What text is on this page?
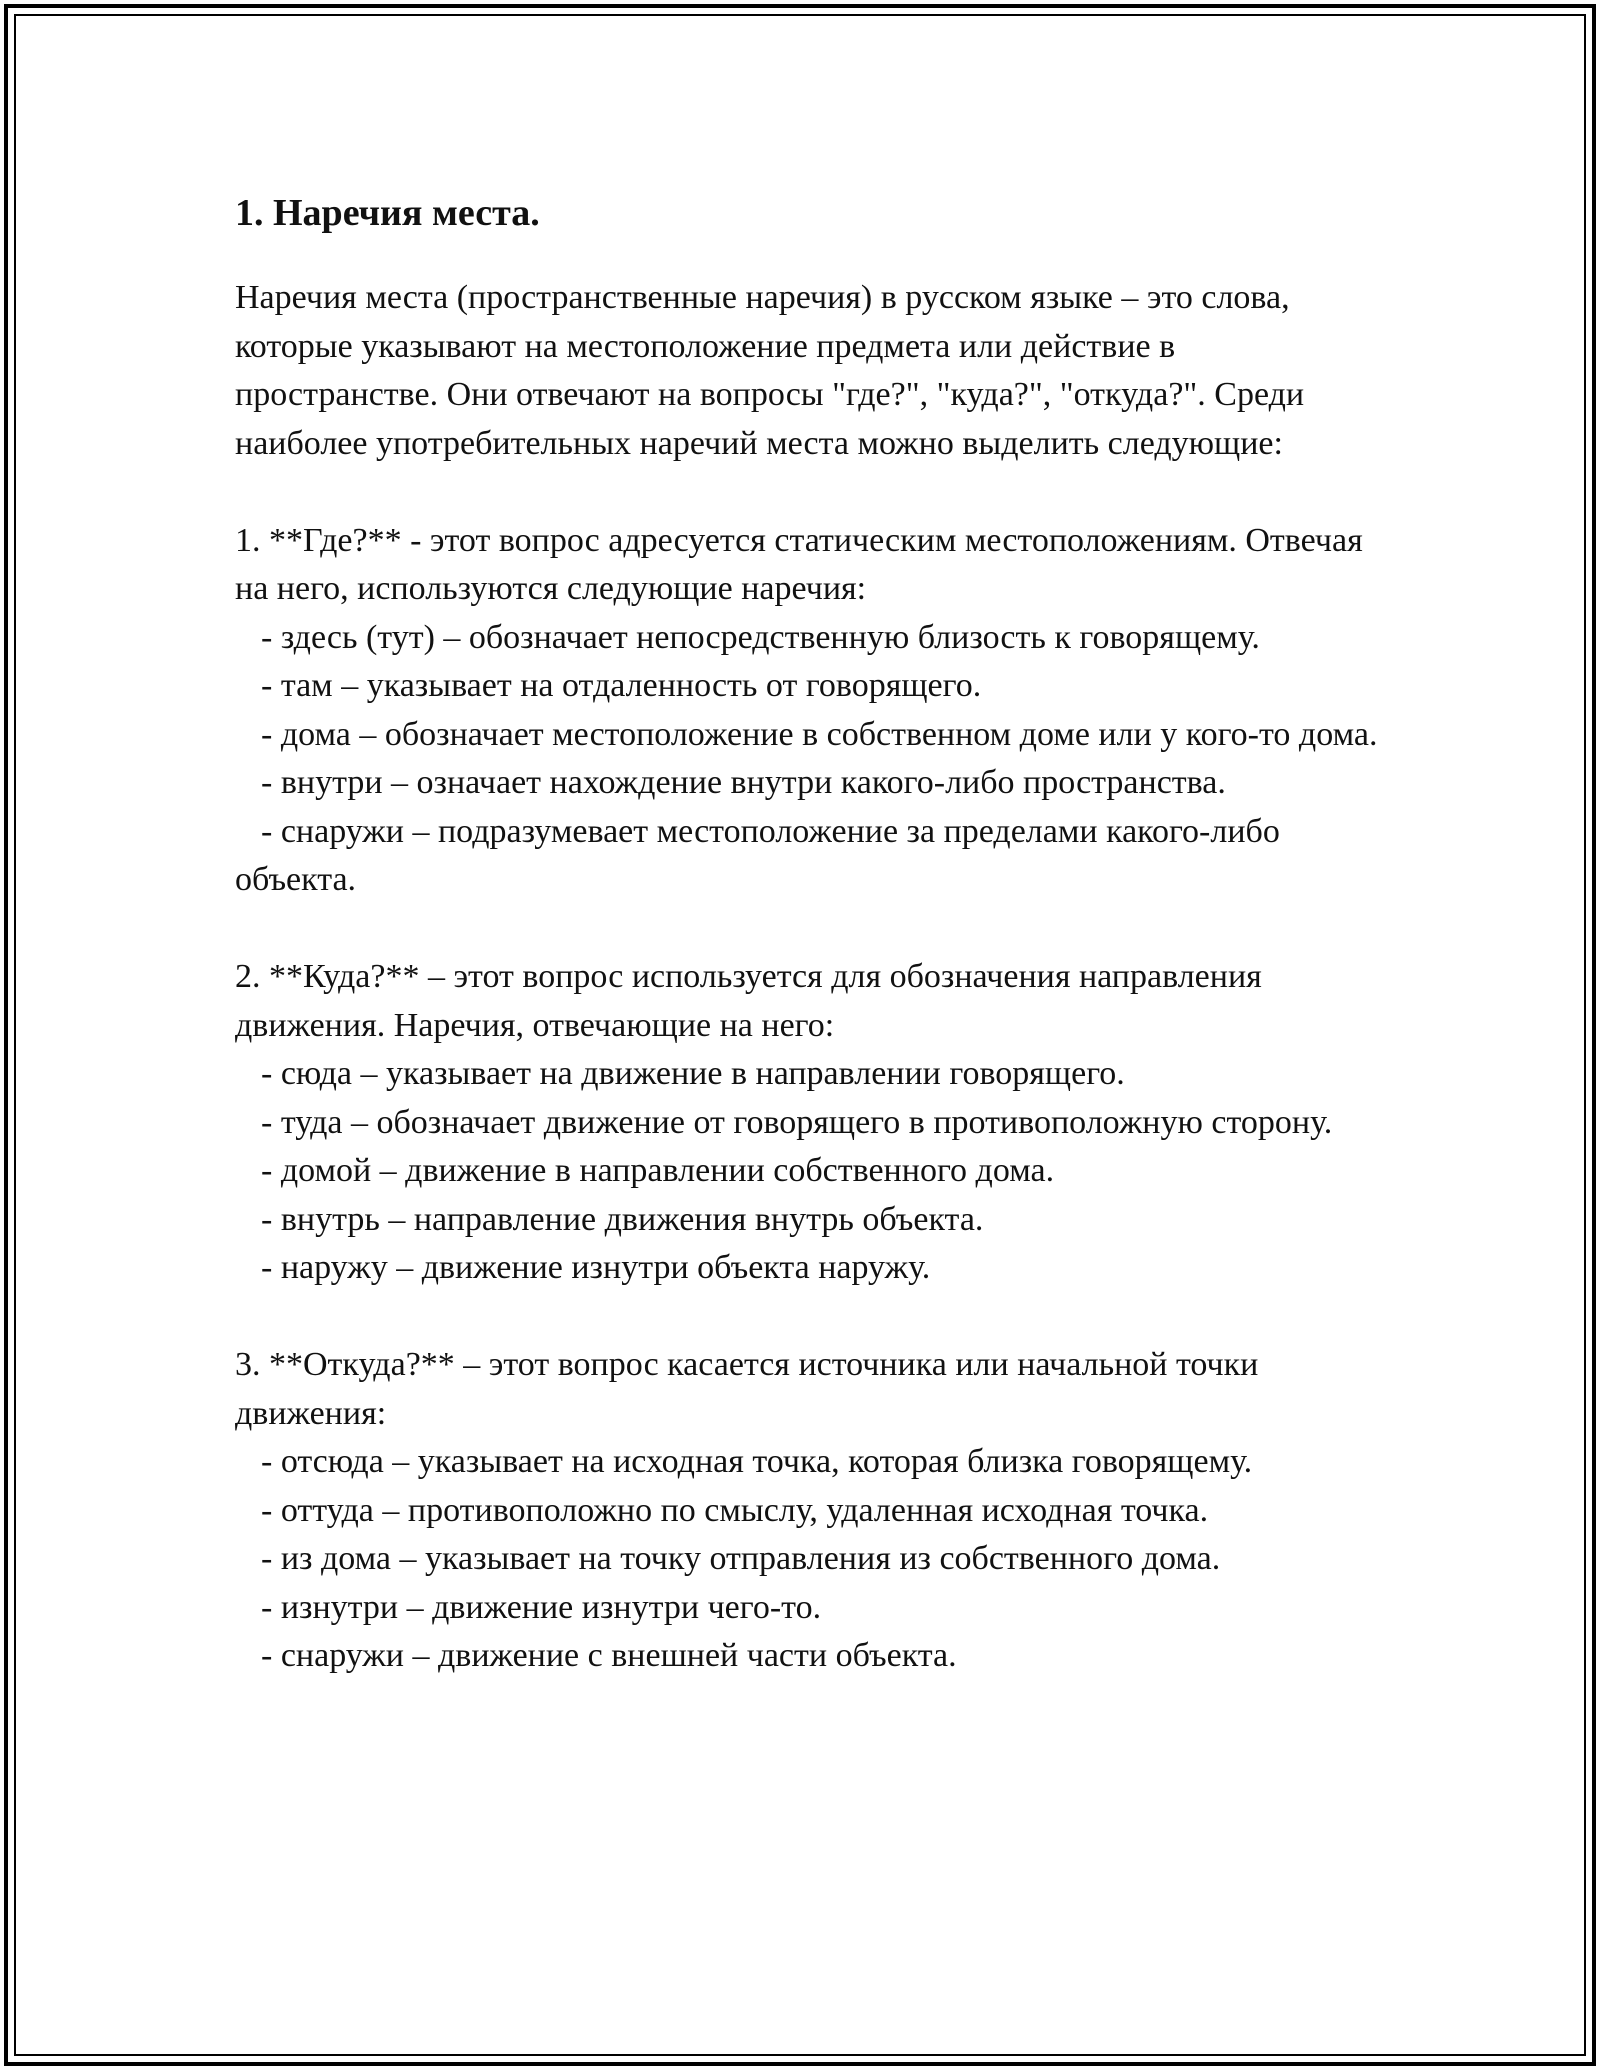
1. Наречия места.

Наречия места (пространственные наречия) в русском языке – это слова, которые указывают на местоположение предмета или действие в пространстве. Они отвечают на вопросы "где?", "куда?", "откуда?". Среди наиболее употребительных наречий места можно выделить следующие:

1. **Где?** - этот вопрос адресуется статическим местоположениям. Отвечая на него, используются следующие наречия:

- здесь (тут) – обозначает непосредственную близость к говорящему.

- там – указывает на отдаленность от говорящего.

- дома – обозначает местоположение в собственном доме или у кого-то дома.

- внутри – означает нахождение внутри какого-либо пространства.

- снаружи – подразумевает местоположение за пределами какого-либо объекта.

2. **Куда?** – этот вопрос используется для обозначения направления движения. Наречия, отвечающие на него:

- сюда – указывает на движение в направлении говорящего.

- туда – обозначает движение от говорящего в противоположную сторону.

- домой – движение в направлении собственного дома.

- внутрь – направление движения внутрь объекта.

- наружу – движение изнутри объекта наружу.

3. **Откуда?** – этот вопрос касается источника или начальной точки движения:

- отсюда – указывает на исходная точка, которая близка говорящему.

- оттуда – противоположно по смыслу, удаленная исходная точка.

- из дома – указывает на точку отправления из собственного дома.

- изнутри – движение изнутри чего-то.

- снаружи – движение с внешней части объекта.
